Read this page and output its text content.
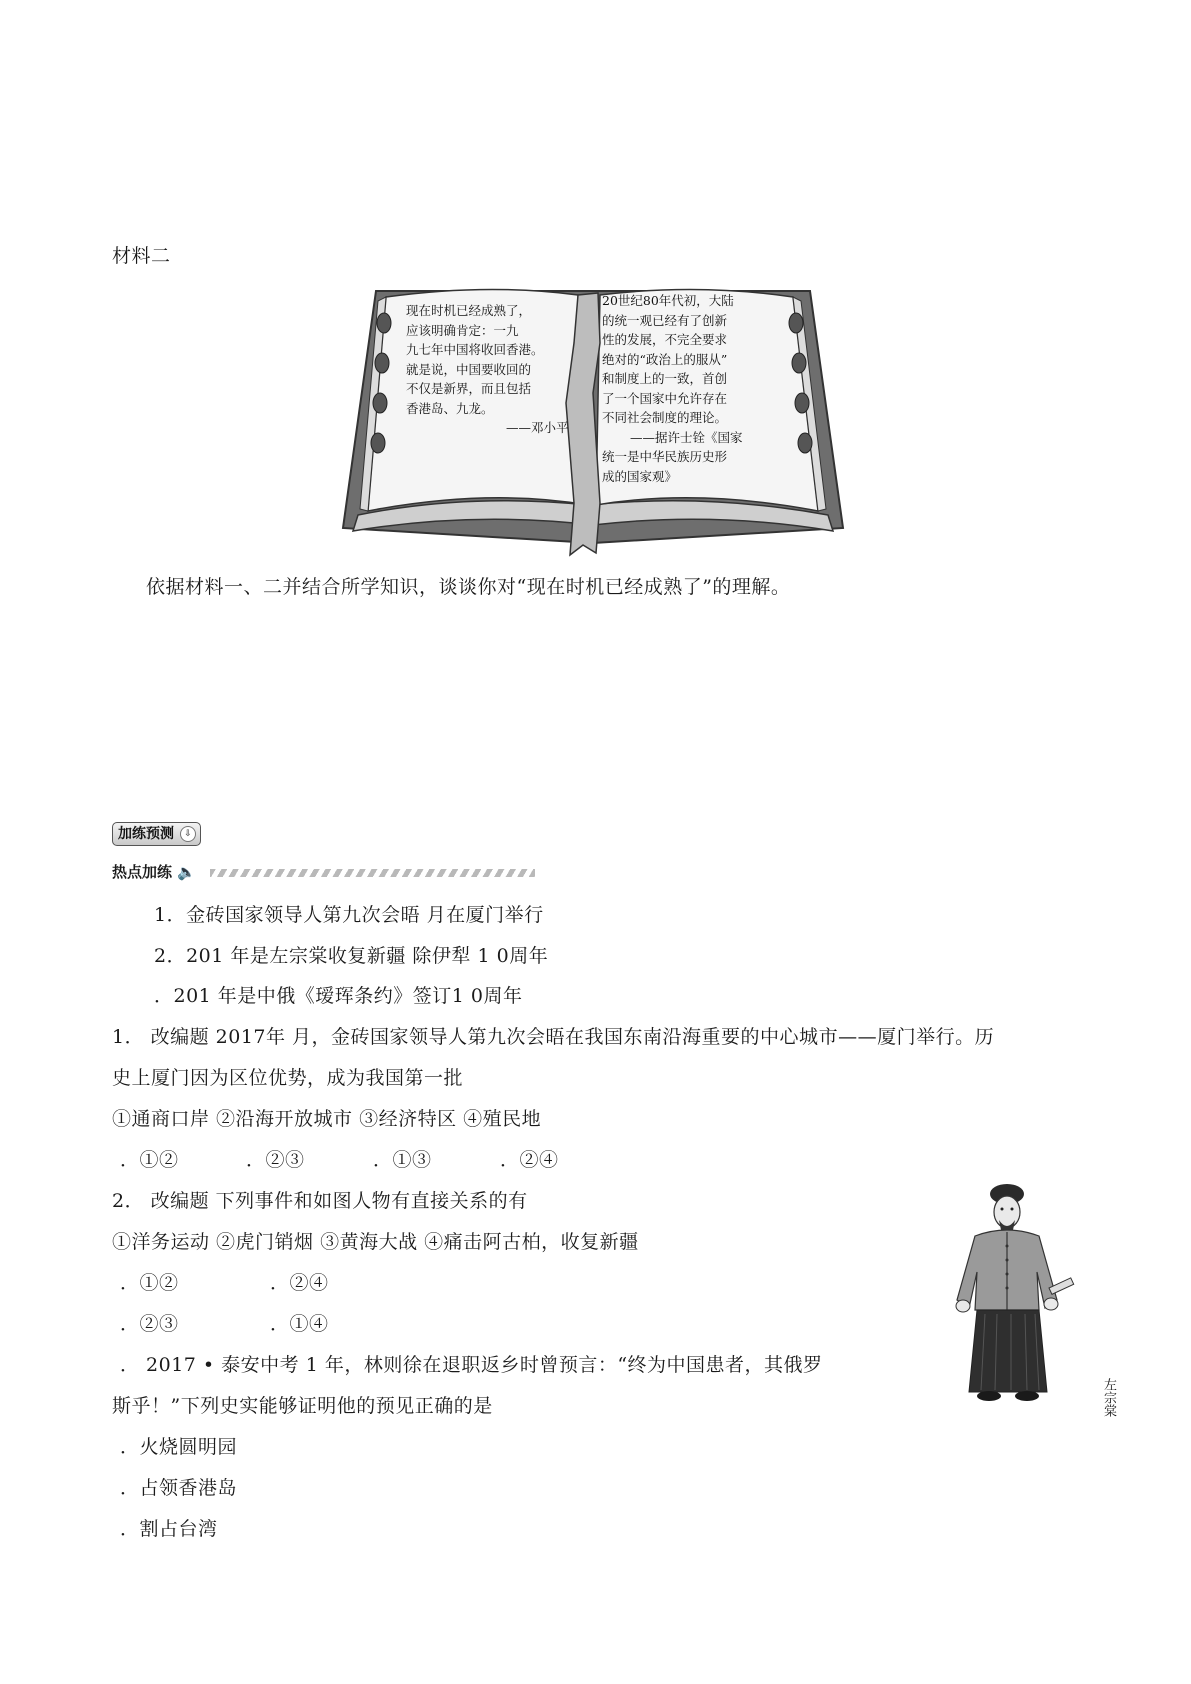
材料二
现在时机已经成熟了，
应该明确肯定：一九
九七年中国将收回香港。
就是说，中国要收回的
不仅是新界，而且包括
香港岛、九龙。
——邓小平
20世纪80年代初，大陆
的统一观已经有了创新
性的发展，不完全要求
绝对的“政治上的服从”
和制度上的一致，首创
了一个国家中允许存在
不同社会制度的理论。
——据许士铨《国家
统一是中华民族历史形
成的国家观》
依据材料一、二并结合所学知识，谈谈你对“现在时机已经成熟了”的理解。
加练预测	⇩
热点加练 🔈
1．金砖国家领导人第九次会晤 月在厦门举行
2．201 年是左宗棠收复新疆 除伊犁 1 0周年
．201 年是中俄《瑷珲条约》签订1 0周年
1． 改编题 2017年 月，金砖国家领导人第九次会晤在我国东南沿海重要的中心城市——厦门举行。历
史上厦门因为区位优势，成为我国第一批
①通商口岸 ②沿海开放城市 ③经济特区 ④殖民地
．①②	．②③	．①③	．②④
2． 改编题 下列事件和如图人物有直接关系的有
①洋务运动 ②虎门销烟 ③黄海大战 ④痛击阿古柏，收复新疆
．①②	．②④
．②③	．①④
左宗棠
． 2017 • 泰安中考 1 年，林则徐在退职返乡时曾预言：“终为中国患者，其俄罗
斯乎！”下列史实能够证明他的预见正确的是
．火烧圆明园
．占领香港岛
．割占台湾
